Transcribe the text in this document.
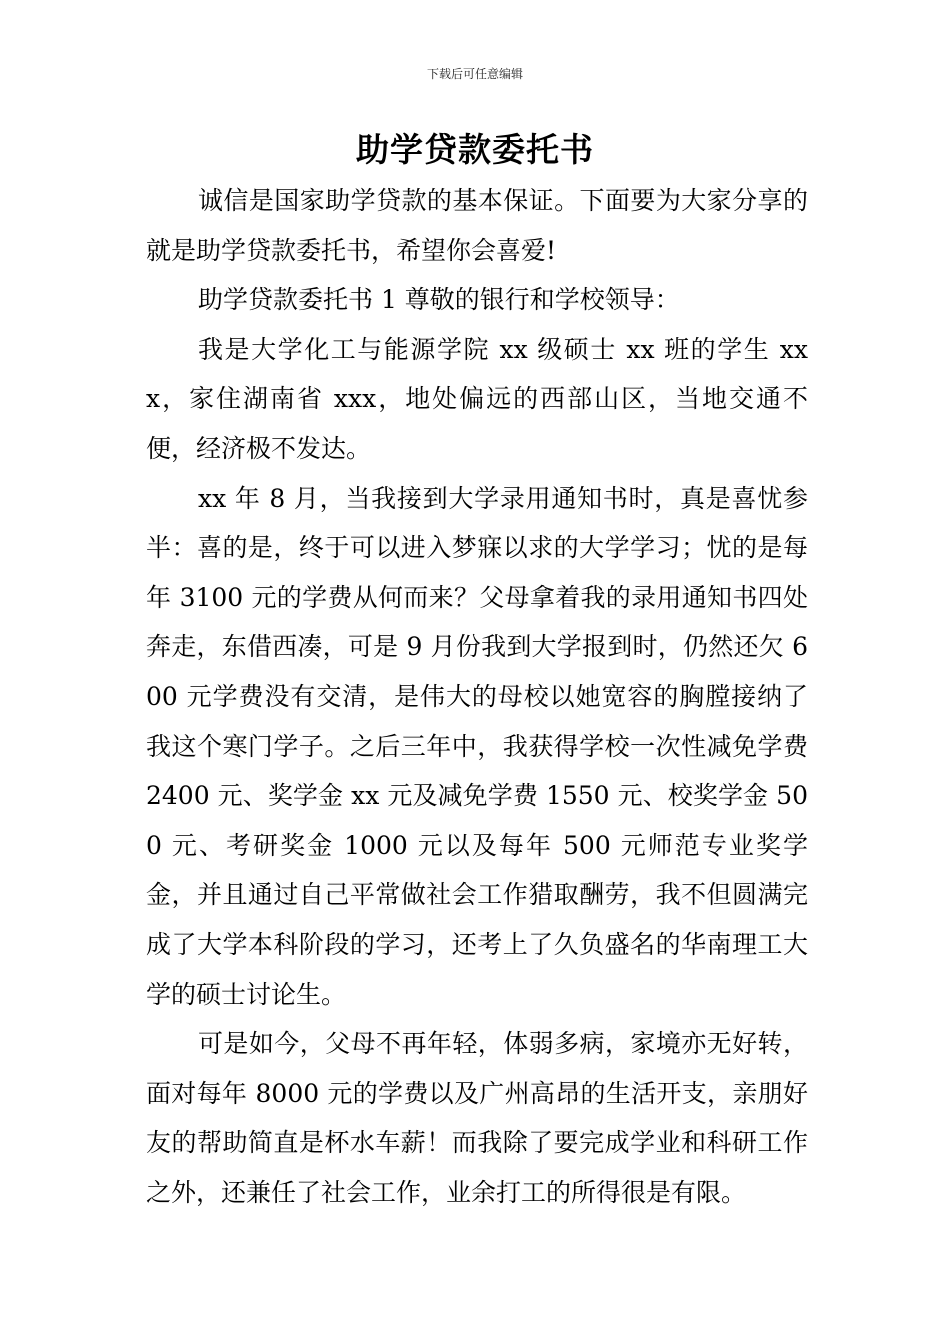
下载后可任意编辑
助学贷款委托书

诚信是国家助学贷款的基本保证。下面要为大家分享的就是助学贷款委托书，希望你会喜爱!

助学贷款委托书 1 尊敬的银行和学校领导：

我是大学化工与能源学院 xx 级硕士 xx 班的学生 xxx，家住湖南省 xxx，地处偏远的西部山区，当地交通不便，经济极不发达。

xx 年 8 月，当我接到大学录用通知书时，真是喜忧参半：喜的是，终于可以进入梦寐以求的大学学习；忧的是每年 3100 元的学费从何而来？父母拿着我的录用通知书四处奔走，东借西凑，可是 9 月份我到大学报到时，仍然还欠 600 元学费没有交清，是伟大的母校以她宽容的胸膛接纳了我这个寒门学子。之后三年中，我获得学校一次性减免学费 2400 元、奖学金 xx 元及减免学费 1550 元、校奖学金 500 元、考研奖金 1000 元以及每年 500 元师范专业奖学金，并且通过自己平常做社会工作猎取酬劳，我不但圆满完成了大学本科阶段的学习，还考上了久负盛名的华南理工大学的硕士讨论生。

可是如今，父母不再年轻，体弱多病，家境亦无好转，面对每年 8000 元的学费以及广州高昂的生活开支，亲朋好友的帮助简直是杯水车薪！而我除了要完成学业和科研工作之外，还兼任了社会工作，业余打工的所得很是有限。
